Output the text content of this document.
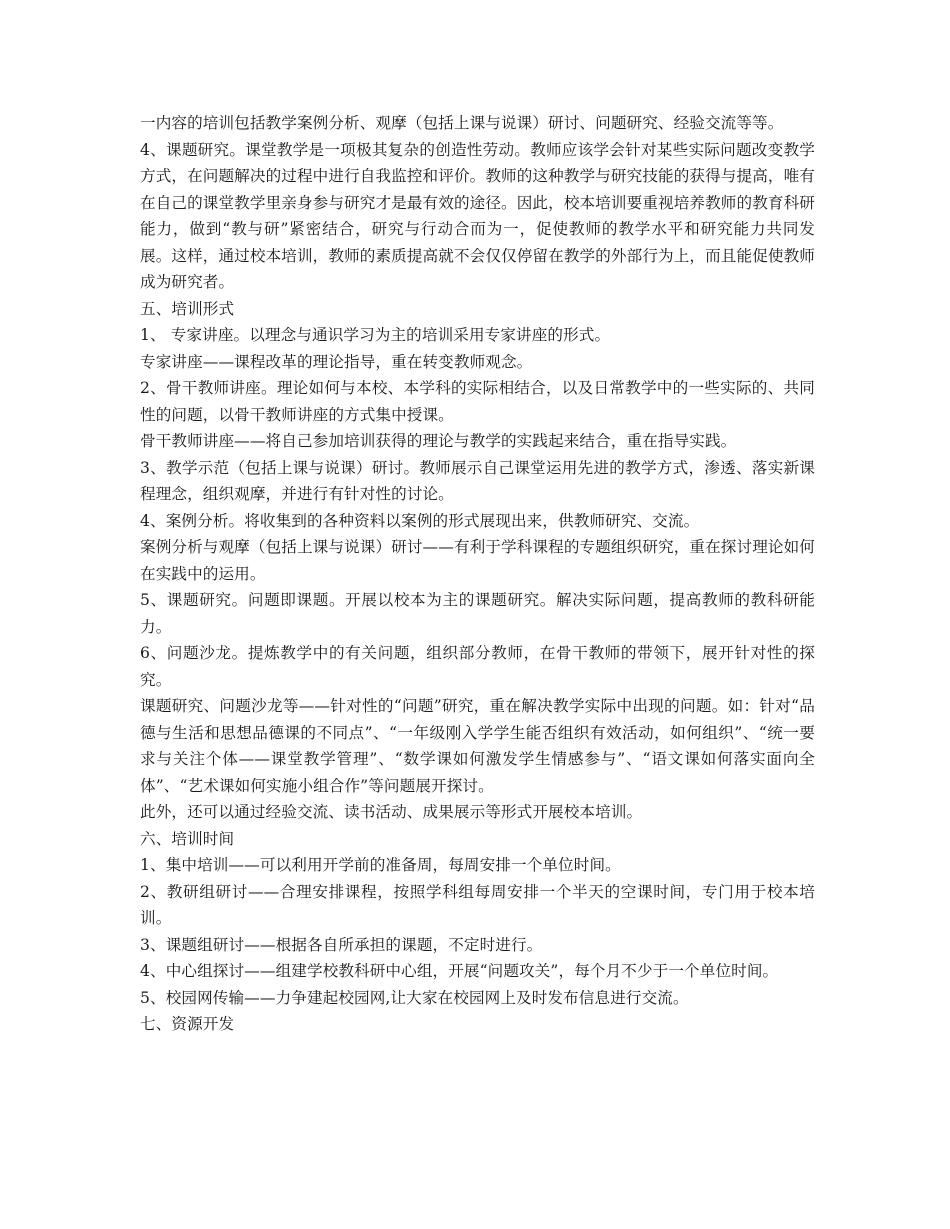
一内容的培训包括教学案例分析、观摩（包括上课与说课）研讨、问题研究、经验交流等等。

4、课题研究。课堂教学是一项极其复杂的创造性劳动。教师应该学会针对某些实际问题改变教学方式，在问题解决的过程中进行自我监控和评价。教师的这种教学与研究技能的获得与提高，唯有在自己的课堂教学里亲身参与研究才是最有效的途径。因此，校本培训要重视培养教师的教育科研能力，做到“教与研”紧密结合，研究与行动合而为一，促使教师的教学水平和研究能力共同发展。这样，通过校本培训，教师的素质提高就不会仅仅停留在教学的外部行为上，而且能促使教师成为研究者。

五、培训形式

1、 专家讲座。以理念与通识学习为主的培训采用专家讲座的形式。

专家讲座——课程改革的理论指导，重在转变教师观念。

2、骨干教师讲座。理论如何与本校、本学科的实际相结合，以及日常教学中的一些实际的、共同性的问题，以骨干教师讲座的方式集中授课。

骨干教师讲座——将自己参加培训获得的理论与教学的实践起来结合，重在指导实践。

3、教学示范（包括上课与说课）研讨。教师展示自己课堂运用先进的教学方式，渗透、落实新课程理念，组织观摩，并进行有针对性的讨论。

4、案例分析。将收集到的各种资料以案例的形式展现出来，供教师研究、交流。

案例分析与观摩（包括上课与说课）研讨——有利于学科课程的专题组织研究，重在探讨理论如何在实践中的运用。

5、课题研究。问题即课题。开展以校本为主的课题研究。解决实际问题，提高教师的教科研能力。

6、问题沙龙。提炼教学中的有关问题，组织部分教师，在骨干教师的带领下，展开针对性的探究。

课题研究、问题沙龙等——针对性的“问题”研究，重在解决教学实际中出现的问题。如：针对“品德与生活和思想品德课的不同点”、“一年级刚入学学生能否组织有效活动，如何组织”、“统一要求与关注个体——课堂教学管理”、“数学课如何激发学生情感参与”、“语文课如何落实面向全体”、“艺术课如何实施小组合作”等问题展开探讨。

此外，还可以通过经验交流、读书活动、成果展示等形式开展校本培训。

六、培训时间

1、集中培训——可以利用开学前的准备周，每周安排一个单位时间。

2、教研组研讨——合理安排课程，按照学科组每周安排一个半天的空课时间，专门用于校本培训。

3、课题组研讨——根据各自所承担的课题，不定时进行。

4、中心组探讨——组建学校教科研中心组，开展“问题攻关”，每个月不少于一个单位时间。

5、校园网传输——力争建起校园网,让大家在校园网上及时发布信息进行交流。

七、资源开发
